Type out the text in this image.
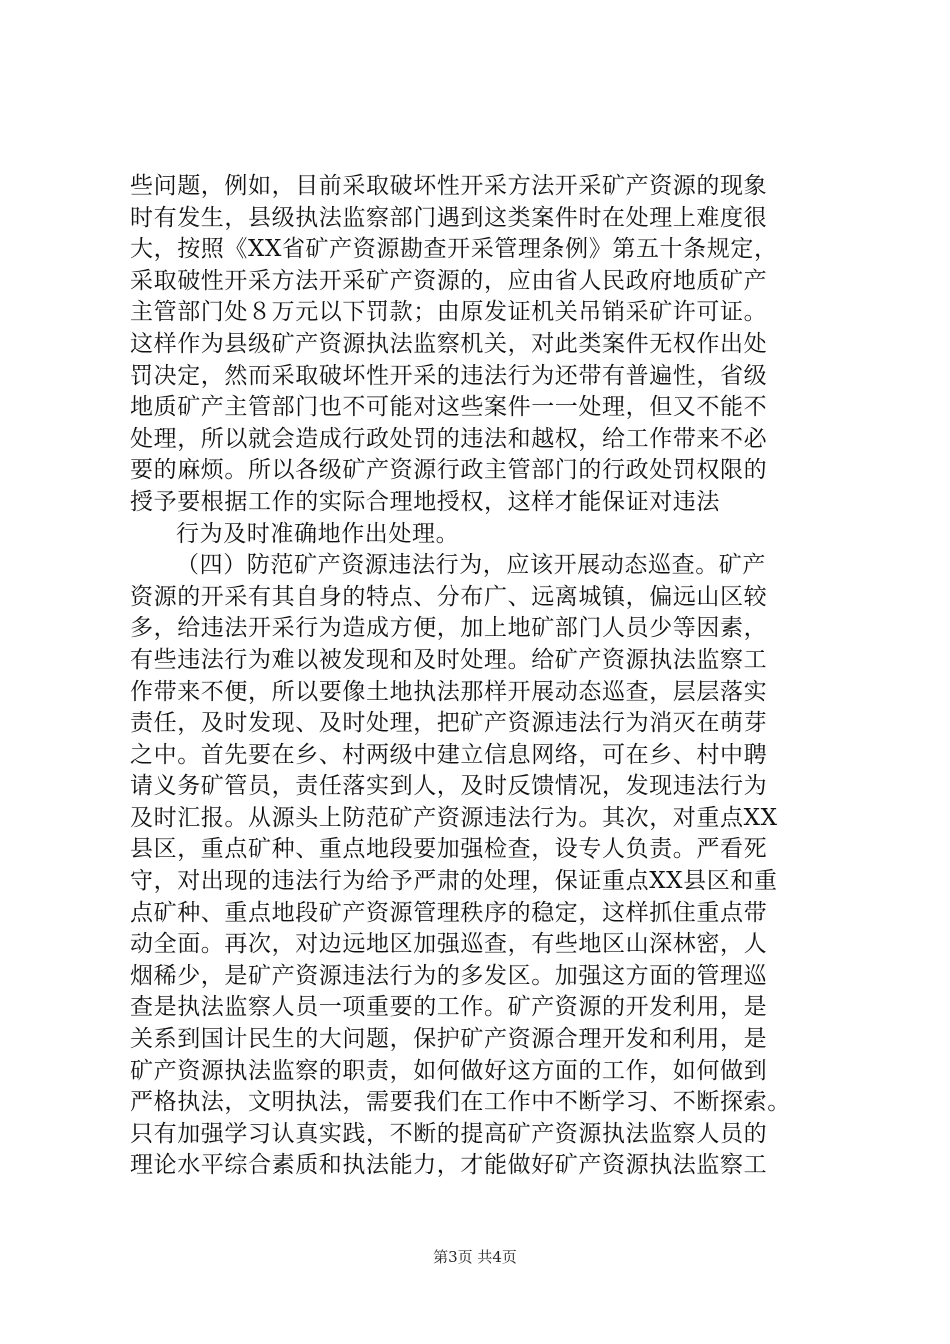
些问题，例如，目前采取破坏性开采方法开采矿产资源的现象
时有发生，县级执法监察部门遇到这类案件时在处理上难度很
大，按照《XX省矿产资源勘查开采管理条例》第五十条规定，
采取破性开采方法开采矿产资源的，应由省人民政府地质矿产
主管部门处８万元以下罚款；由原发证机关吊销采矿许可证。
这样作为县级矿产资源执法监察机关，对此类案件无权作出处
罚决定，然而采取破坏性开采的违法行为还带有普遍性，省级
地质矿产主管部门也不可能对这些案件一一处理，但又不能不
处理，所以就会造成行政处罚的违法和越权，给工作带来不必
要的麻烦。所以各级矿产资源行政主管部门的行政处罚权限的
授予要根据工作的实际合理地授权，这样才能保证对违法
行为及时准确地作出处理。
（四）防范矿产资源违法行为，应该开展动态巡查。矿产
资源的开采有其自身的特点、分布广、远离城镇，偏远山区较
多，给违法开采行为造成方便，加上地矿部门人员少等因素，
有些违法行为难以被发现和及时处理。给矿产资源执法监察工
作带来不便，所以要像土地执法那样开展动态巡查，层层落实
责任，及时发现、及时处理，把矿产资源违法行为消灭在萌芽
之中。首先要在乡、村两级中建立信息网络，可在乡、村中聘
请义务矿管员，责任落实到人，及时反馈情况，发现违法行为
及时汇报。从源头上防范矿产资源违法行为。其次，对重点XX
县区，重点矿种、重点地段要加强检查，设专人负责。严看死
守，对出现的违法行为给予严肃的处理，保证重点XX县区和重
点矿种、重点地段矿产资源管理秩序的稳定，这样抓住重点带
动全面。再次，对边远地区加强巡查，有些地区山深林密，人
烟稀少，是矿产资源违法行为的多发区。加强这方面的管理巡
查是执法监察人员一项重要的工作。矿产资源的开发利用，是
关系到国计民生的大问题，保护矿产资源合理开发和利用，是
矿产资源执法监察的职责，如何做好这方面的工作，如何做到
严格执法，文明执法，需要我们在工作中不断学习、不断探索。
只有加强学习认真实践，不断的提高矿产资源执法监察人员的
理论水平综合素质和执法能力，才能做好矿产资源执法监察工
第3页 共4页
